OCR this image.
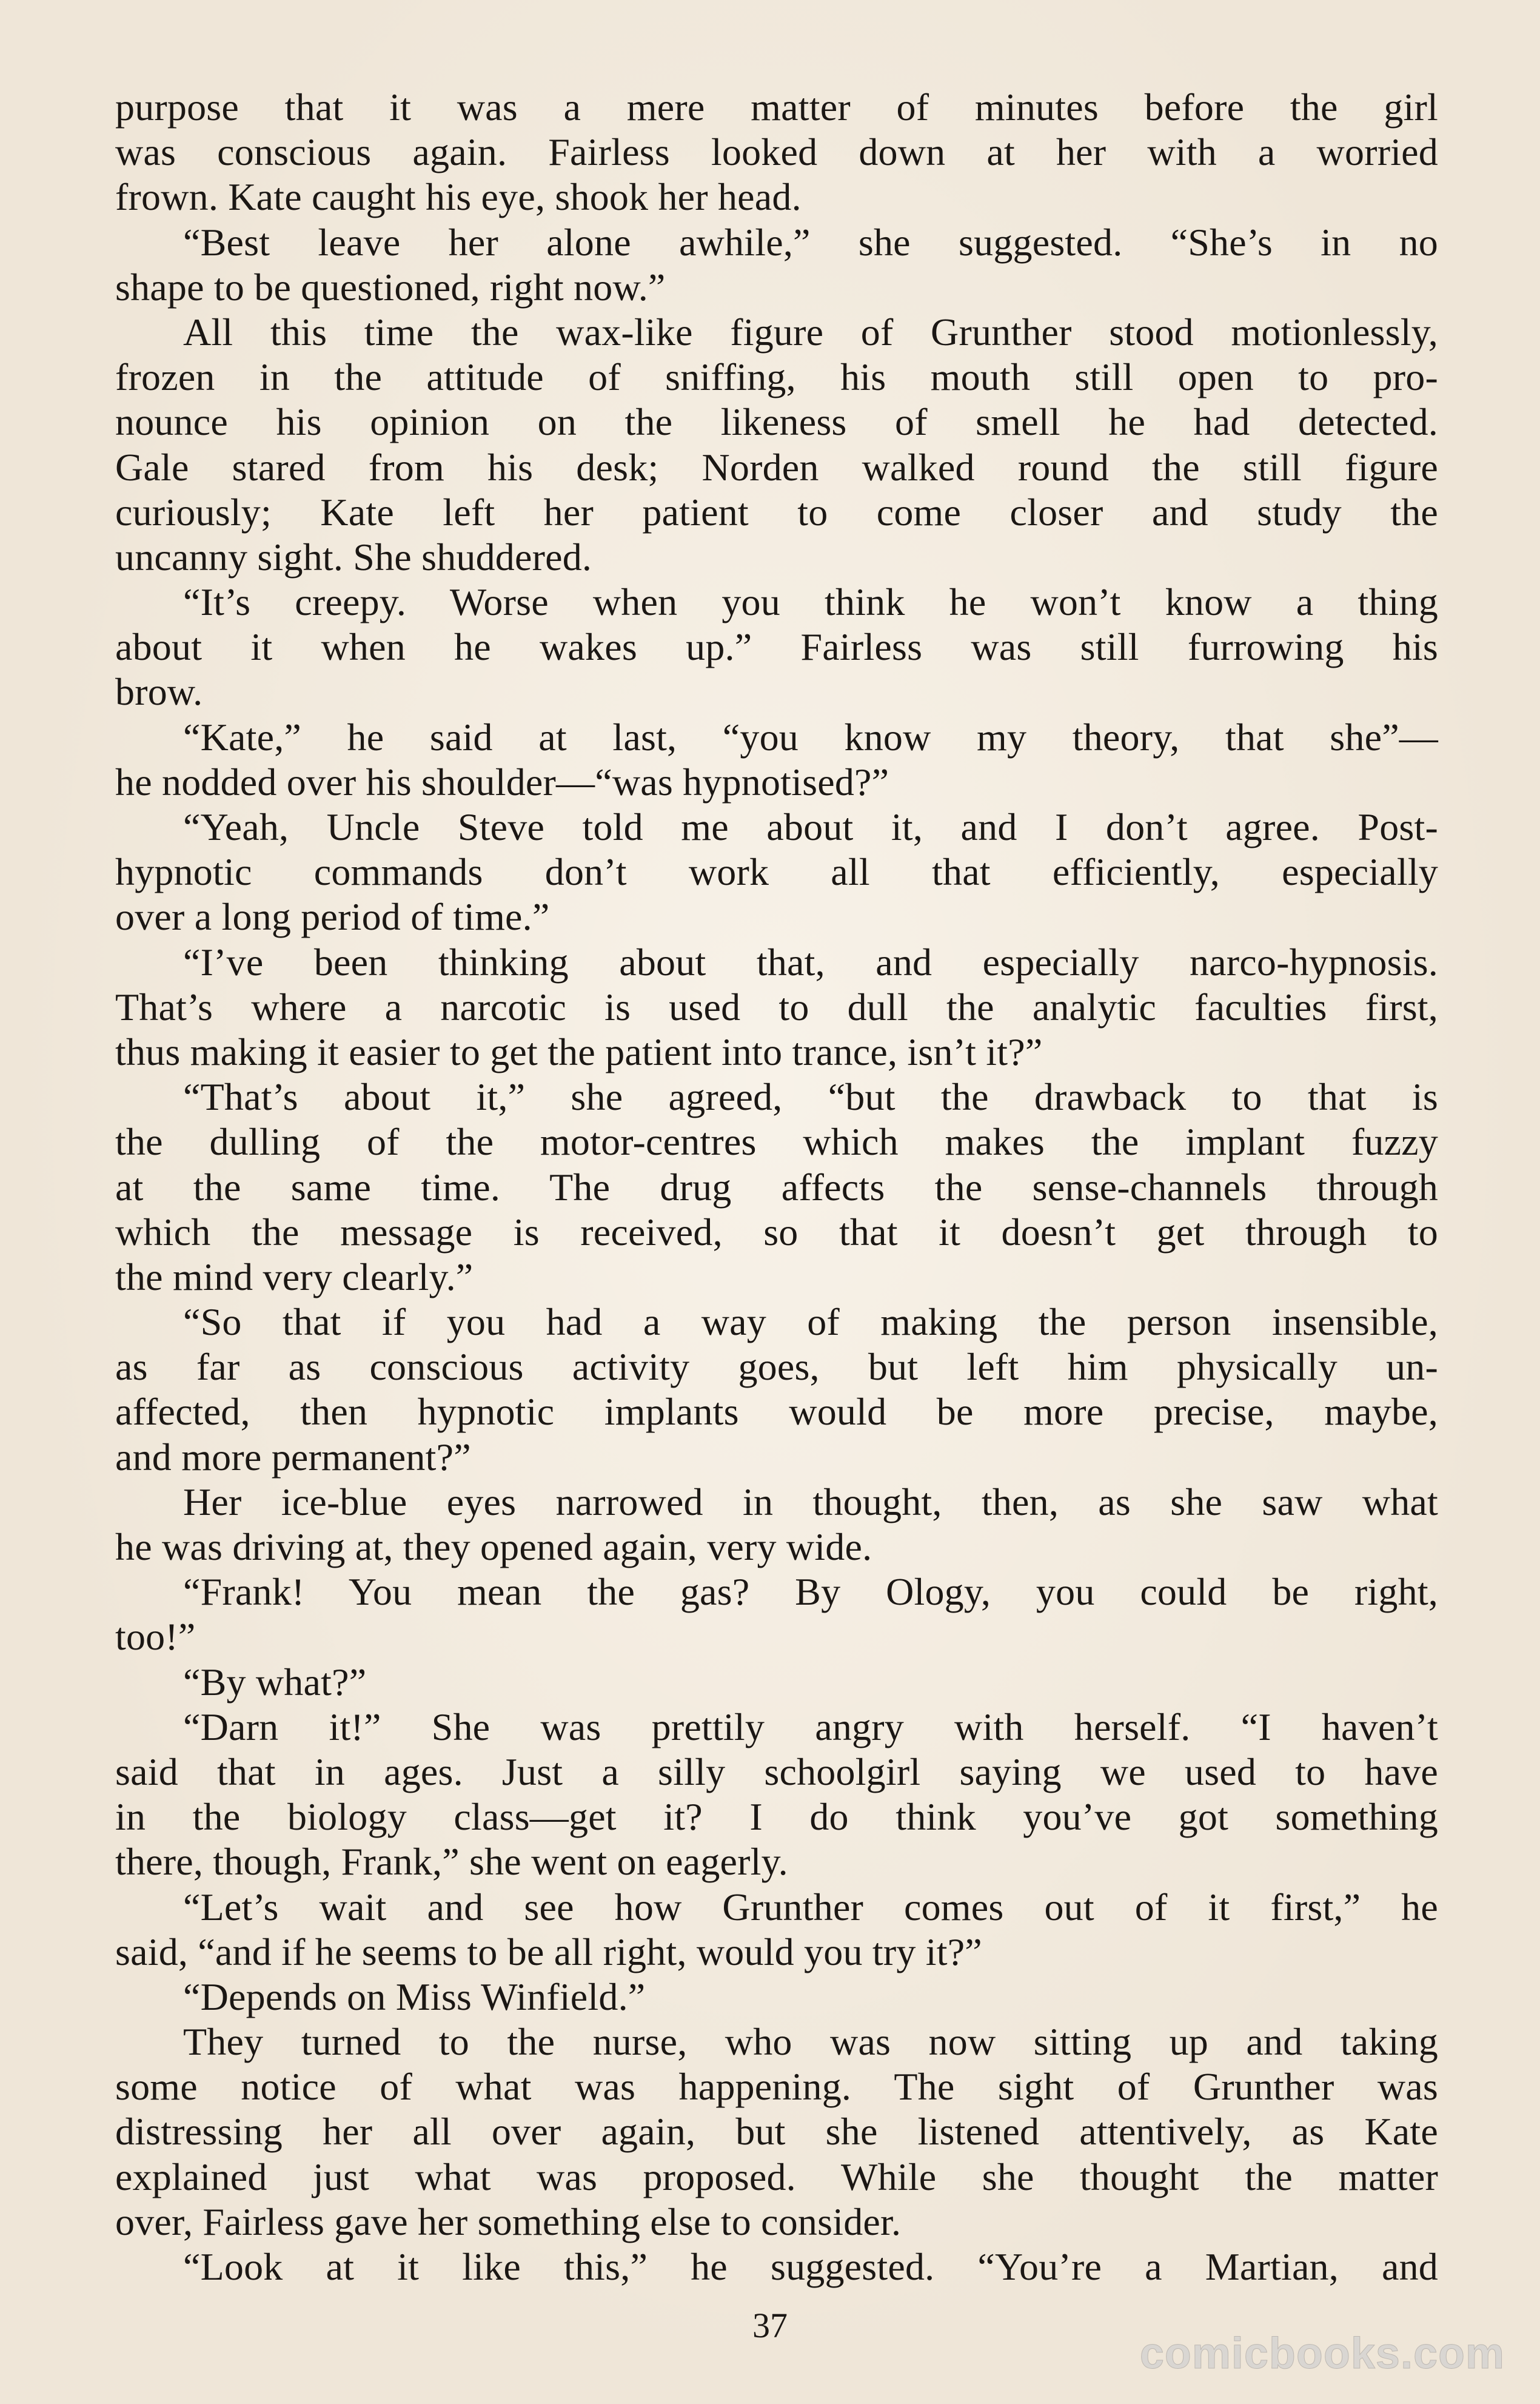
purpose that it was a mere matter of minutes before the girl
was conscious again. Fairless looked down at her with a worried
frown. Kate caught his eye, shook her head.
“Best leave her alone awhile,” she suggested. “She’s in no
shape to be questioned, right now.”
All this time the wax-like figure of Grunther stood motionlessly,
frozen in the attitude of sniffing, his mouth still open to pro-
nounce his opinion on the likeness of smell he had detected.
Gale stared from his desk; Norden walked round the still figure
curiously; Kate left her patient to come closer and study the
uncanny sight. She shuddered.
“It’s creepy. Worse when you think he won’t know a thing
about it when he wakes up.” Fairless was still furrowing his
brow.
“Kate,” he said at last, “you know my theory, that she”—
he nodded over his shoulder—“was hypnotised?”
“Yeah, Uncle Steve told me about it, and I don’t agree. Post-
hypnotic commands don’t work all that efficiently, especially
over a long period of time.”
“I’ve been thinking about that, and especially narco-hypnosis.
That’s where a narcotic is used to dull the analytic faculties first,
thus making it easier to get the patient into trance, isn’t it?”
“That’s about it,” she agreed, “but the drawback to that is
the dulling of the motor-centres which makes the implant fuzzy
at the same time. The drug affects the sense-channels through
which the message is received, so that it doesn’t get through to
the mind very clearly.”
“So that if you had a way of making the person insensible,
as far as conscious activity goes, but left him physically un-
affected, then hypnotic implants would be more precise, maybe,
and more permanent?”
Her ice-blue eyes narrowed in thought, then, as she saw what
he was driving at, they opened again, very wide.
“Frank! You mean the gas? By Ology, you could be right,
too!”
“By what?”
“Darn it!” She was prettily angry with herself. “I haven’t
said that in ages. Just a silly schoolgirl saying we used to have
in the biology class—get it? I do think you’ve got something
there, though, Frank,” she went on eagerly.
“Let’s wait and see how Grunther comes out of it first,” he
said, “and if he seems to be all right, would you try it?”
“Depends on Miss Winfield.”
They turned to the nurse, who was now sitting up and taking
some notice of what was happening. The sight of Grunther was
distressing her all over again, but she listened attentively, as Kate
explained just what was proposed. While she thought the matter
over, Fairless gave her something else to consider.
“Look at it like this,” he suggested. “You’re a Martian, and
37
comicbooks.com
